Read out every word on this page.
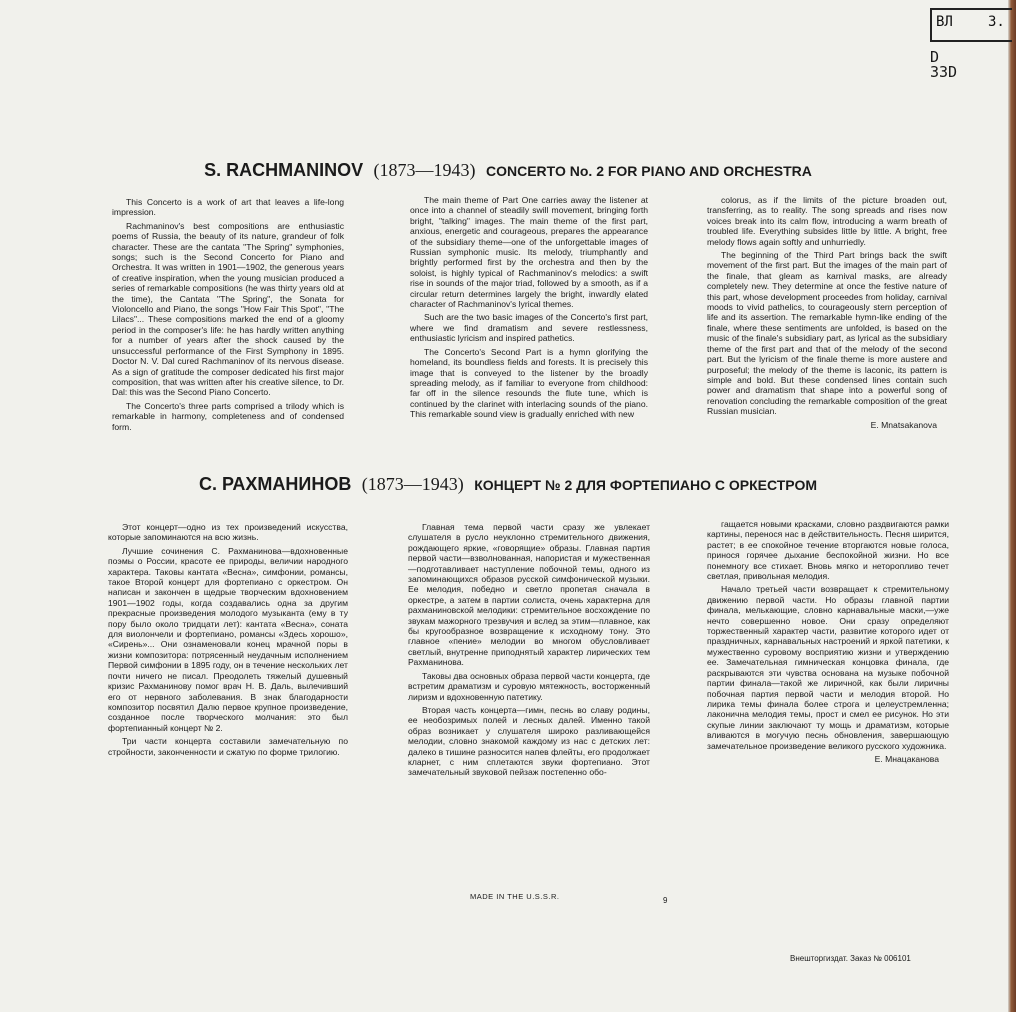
ВЛ	З.
D
33D
S. RACHMANINOV (1873—1943) CONCERTO No. 2 FOR PIANO AND ORCHESTRA

This Concerto is a work of art that leaves a life-long impression.

Rachmaninov's best compositions are enthusiastic poems of Russia, the beauty of its nature, grandeur of folk character. These are the cantata "The Spring" symphonies, songs; such is the Second Concerto for Piano and Orchestra. It was written in 1901—1902, the generous years of creative inspiration, when the young musician produced a series of remarkable compositions (he was thirty years old at the time), the Cantata "The Spring", the Sonata for Violoncello and Piano, the songs "How Fair This Spot", "The Lilacs"... These compositions marked the end of a gloomy period in the composer's life: he has hardly written anything for a number of years after the shock caused by the unsuccessful performance of the First Symphony in 1895. Doctor N. V. Dal cured Rachmaninov of its nervous disease. As a sign of gratitude the composer dedicated his first major composition, that was written after his creative silence, to Dr. Dal: this was the Second Piano Concerto.

The Concerto's three parts comprised a trilody which is remarkable in harmony, completeness and of condensed form.

The main theme of Part One carries away the listener at once into a channel of steadily swill movement, bringing forth bright, "talking" images. The main theme of the first part, anxious, energetic and courageous, prepares the appearance of the subsidiary theme—one of the unforgettable images of Russian symphonic music. Its melody, triumphantly and brightly performed first by the orchestra and then by the soloist, is highly typical of Rachmaninov's melodics: a swift rise in sounds of the major triad, followed by a smooth, as if a circular return determines largely the bright, inwardly elated character of Rachmaninov's lyrical themes.

Such are the two basic images of the Concerto's first part, where we find dramatism and severe restlessness, enthusiastic lyricism and inspired pathetics.

The Concerto's Second Part is a hymn glorifying the homeland, its boundless fields and forests. It is precisely this image that is conveyed to the listener by the broadly spreading melody, as if familiar to everyone from childhood: far off in the silence resounds the flute tune, which is continued by the clarinet with interlacing sounds of the piano. This remarkable sound view is gradually enriched with new

colorus, as if the limits of the picture broaden out, transferring, as to reality. The song spreads and rises now voices break into its calm flow, introducing a warm breath of troubled life. Everything subsides little by little. A bright, free melody flows again softly and unhurriedly.

The beginning of the Third Part brings back the swift movement of the first part. But the images of the main part of the finale, that gleam as karnival masks, are already completely new. They determine at once the festive nature of this part, whose development proceedes from holiday, carnival moods to vivid pathelics, to courageously stern perception of life and its assertion. The remarkable hymn-like ending of the finale, where these sentiments are unfolded, is based on the music of the finale's subsidiary part, as lyrical as the subsidiary theme of the first part and that of the melody of the second part. But the lyricism of the finale theme is more austere and purposeful; the melody of the theme is laconic, its pattern is simple and bold. But these condensed lines contain such power and dramatism that shape into a powerful song of renovation concluding the remarkable composition of the great Russian musician.

E. Mnatsakanova
С. РАХМАНИНОВ (1873—1943) КОНЦЕРТ № 2 ДЛЯ ФОРТЕПИАНО С ОРКЕСТРОМ

Этот концерт—одно из тех произведений искусства, которые запоминаются на всю жизнь.

Лучшие сочинения С. Рахманинова—вдохновенные поэмы о России, красоте ее природы, величии народного характера. Таковы кантата «Весна», симфонии, романсы, такое Второй концерт для фортепиано с оркестром. Он написан и закончен в щедрые творческим вдохновением 1901—1902 годы, когда создавались одна за другим прекрасные произведения молодого музыканта (ему в ту пору было около тридцати лет): кантата «Весна», соната для виолончели и фортепиано, романсы «Здесь хорошо», «Сирень»... Они ознаменовали конец мрачной поры в жизни композитора: потрясенный неудачным исполнением Первой симфонии в 1895 году, он в течение нескольких лет почти ничего не писал. Преодолеть тяжелый душевный кризис Рахманинову помог врач Н. В. Даль, вылечивший его от нервного заболевания. В знак благодарности композитор посвятил Далю первое крупное произведение, созданное после творческого молчания: это был фортепианный концерт № 2.

Три части концерта составили замечательную по стройности, законченности и сжатую по форме трилогию.

Главная тема первой части сразу же увлекает слушателя в русло неуклонно стремительного движения, рождающего яркие, «говорящие» образы. Главная партия первой части—взволнованная, напористая и мужественная—подготавливает наступление побочной темы, одного из запоминающихся образов русской симфонической музыки. Ее мелодия, победно и светло пропетая сначала в оркестре, а затем в партии солиста, очень характерна для рахманиновской мелодики: стремительное восхождение по звукам мажорного трезвучия и вслед за этим—плавное, как бы кругообразное возвращение к исходному тону. Это главное «пение» мелодии во многом обусловливает светлый, внутренне приподнятый характер лирических тем Рахманинова.

Таковы два основных образа первой части концерта, где встретим драматизм и суровую мятежность, восторженный лиризм и вдохновенную патетику.

Вторая часть концерта—гимн, песнь во славу родины, ее необозримых полей и лесных далей. Именно такой образ возникает у слушателя широко разливающейся мелодии, словно знакомой каждому из нас с детских лет: далеко в тишине разносится напев флейты, его продолжает кларнет, с ним сплетаются звуки фортепиано. Этот замечательный звуковой пейзаж постепенно обо-

гащается новыми красками, словно раздвигаются рамки картины, перенося нас в действительность. Песня ширится, растет; в ее спокойное течение вторгаются новые голоса, принося горячее дыхание беспокойной жизни. Но все понемногу все стихает. Вновь мягко и неторопливо течет светлая, привольная мелодия.

Начало третьей части возвращает к стремительному движению первой части. Но образы главной партии финала, мелькающие, словно карнавальные маски,—уже нечто совершенно новое. Они сразу определяют торжественный характер части, развитие которого идет от праздничных, карнавальных настроений и яркой патетики, к мужественно суровому восприятию жизни и утверждению ее. Замечательная гимническая концовка финала, где раскрываются эти чувства основана на музыке побочной партии финала—такой же лиричной, как были лиричны побочная партия первой части и мелодия второй. Но лирика темы финала более строга и целеустремленна; лаконична мелодия темы, прост и смел ее рисунок. Но эти скупые линии заключают ту мощь и драматизм, которые вливаются в могучую песнь обновления, завершающую замечательное произведение великого русского художника.

Е. Мнацаканова
MADE IN THE U.S.S.R.	9
Внешторгиздат. Заказ № 006101
